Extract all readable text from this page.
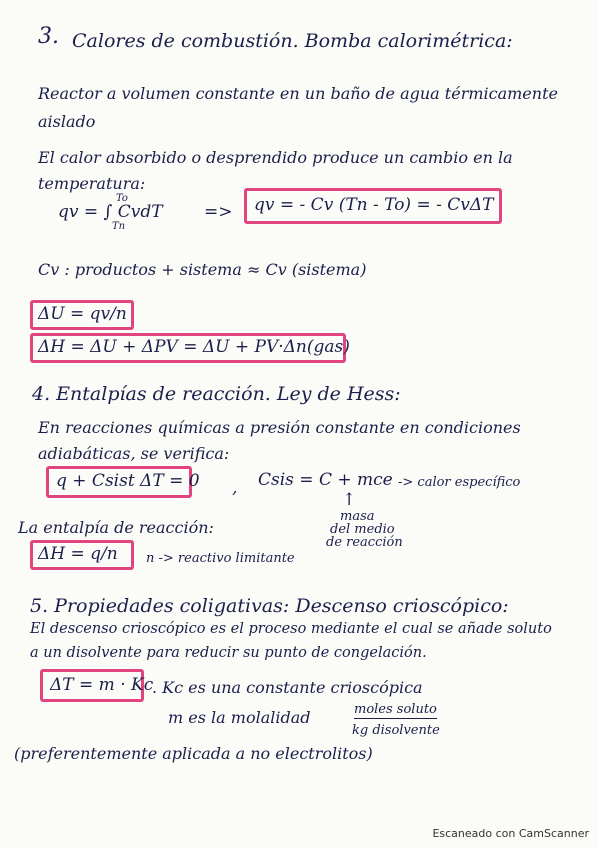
3. Calores de combustión. Bomba calorimétrica:
Reactor a volumen constante en un baño de agua térmicamente
aislado
El calor absorbido o desprendido produce un cambio en la
temperatura:
qv = ∫ CvdT
To
Tn
=> qv = - Cv (Tn - To) = - CvΔT
Cv : productos + sistema ≈ Cv (sistema)
ΔU = qv/n
ΔH = ΔU + ΔPV = ΔU + PV·Δn(gas)
4. Entalpías de reacción. Ley de Hess:
En reacciones químicas a presión constante en condiciones
adiabáticas, se verifica:
q + Csist ΔT = 0 , Csis = C + mce -> calor específico
↑
masa
del medio
de reacción
La entalpía de reacción:
ΔH = q/n n -> reactivo limitante
5. Propiedades coligativas: Descenso crioscópico:
El descenso crioscópico es el proceso mediante el cual se añade soluto
a un disolvente para reducir su punto de congelación.
ΔT = m · Kc
. Kc es una constante crioscópica
m es la molalidad	moles soluto
kg disolvente
(preferentemente aplicada a no electrolitos)
Escaneado con CamScanner
